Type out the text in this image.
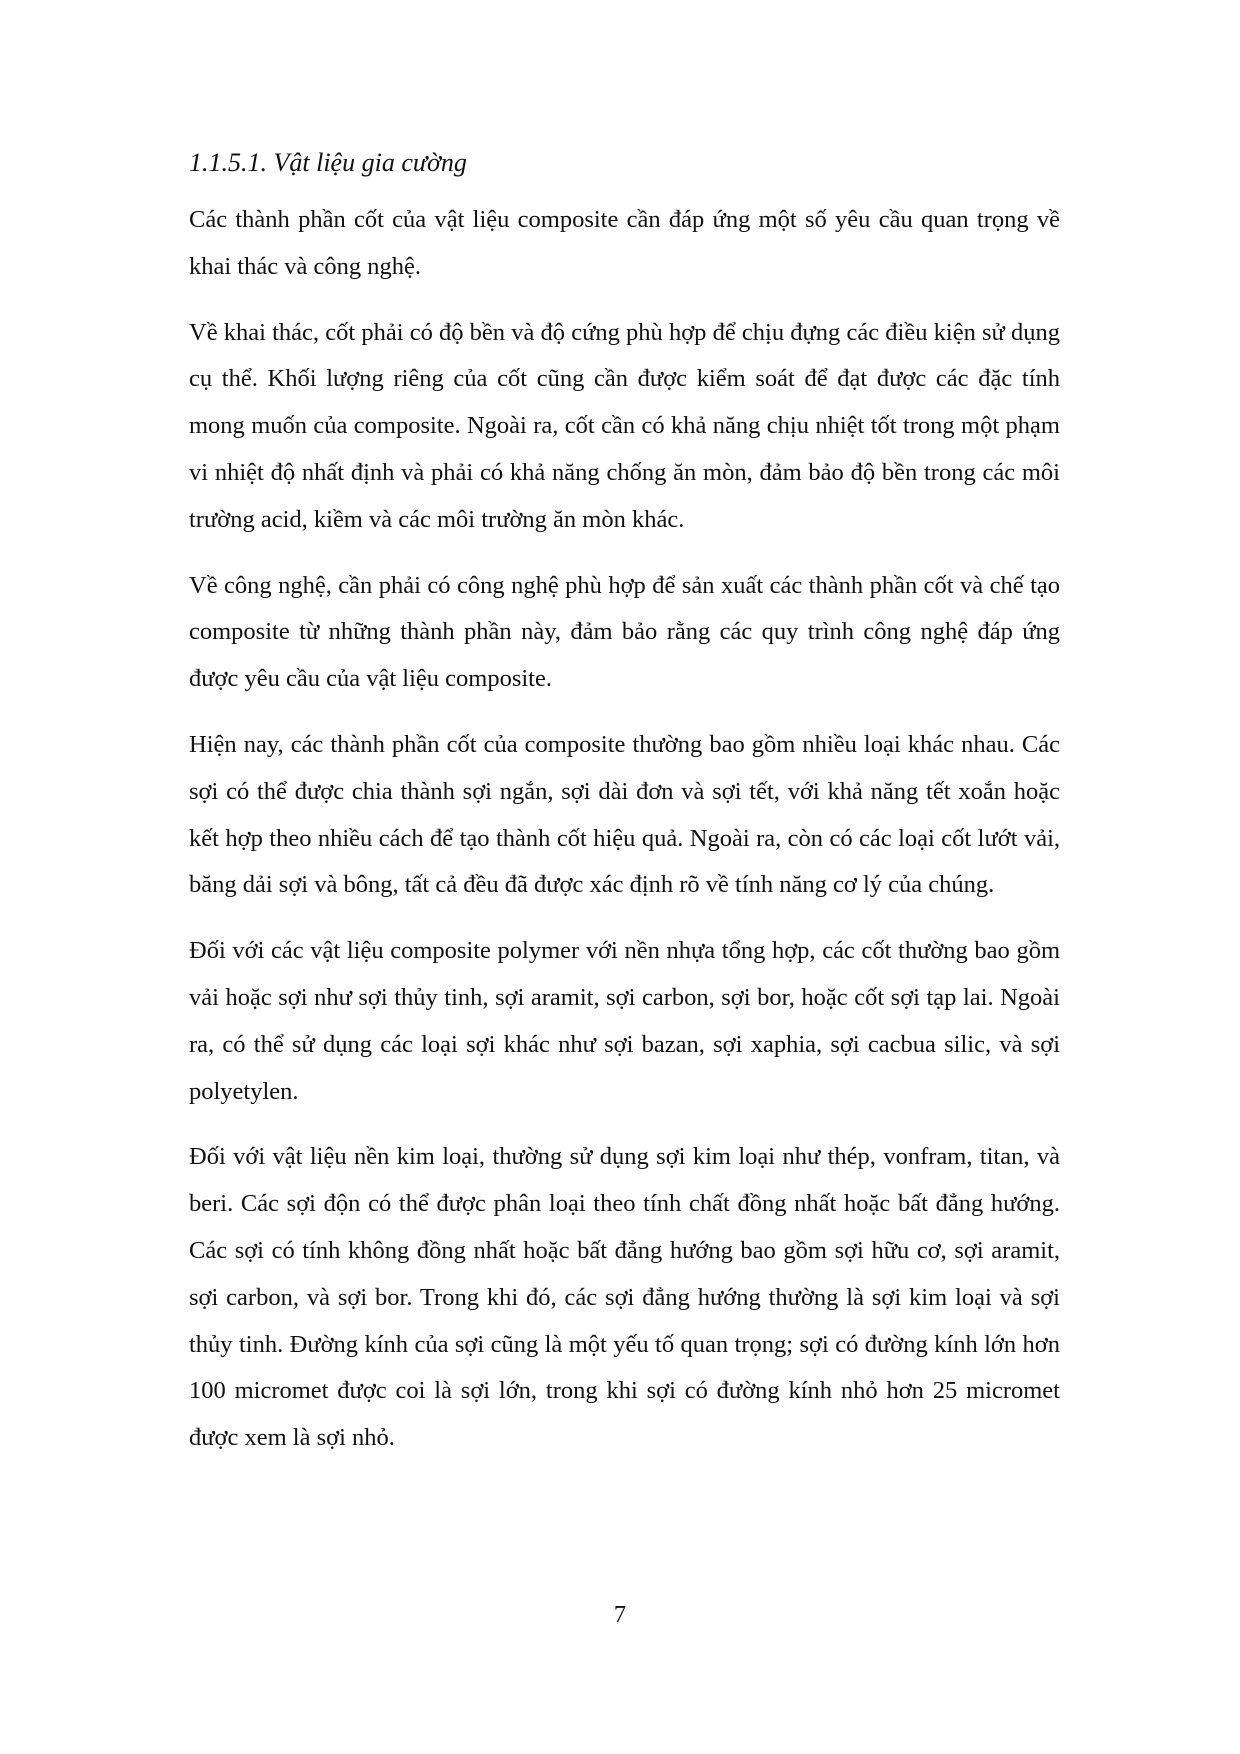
1.1.5.1. Vật liệu gia cường

Các thành phần cốt của vật liệu composite cần đáp ứng một số yêu cầu quan trọng về khai thác và công nghệ.

Về khai thác, cốt phải có độ bền và độ cứng phù hợp để chịu đựng các điều kiện sử dụng cụ thể. Khối lượng riêng của cốt cũng cần được kiểm soát để đạt được các đặc tính mong muốn của composite. Ngoài ra, cốt cần có khả năng chịu nhiệt tốt trong một phạm vi nhiệt độ nhất định và phải có khả năng chống ăn mòn, đảm bảo độ bền trong các môi trường acid, kiềm và các môi trường ăn mòn khác.

Về công nghệ, cần phải có công nghệ phù hợp để sản xuất các thành phần cốt và chế tạo composite từ những thành phần này, đảm bảo rằng các quy trình công nghệ đáp ứng được yêu cầu của vật liệu composite.

Hiện nay, các thành phần cốt của composite thường bao gồm nhiều loại khác nhau. Các sợi có thể được chia thành sợi ngắn, sợi dài đơn và sợi tết, với khả năng tết xoắn hoặc kết hợp theo nhiều cách để tạo thành cốt hiệu quả. Ngoài ra, còn có các loại cốt lướt vải, băng dải sợi và bông, tất cả đều đã được xác định rõ về tính năng cơ lý của chúng.

Đối với các vật liệu composite polymer với nền nhựa tổng hợp, các cốt thường bao gồm vải hoặc sợi như sợi thủy tinh, sợi aramit, sợi carbon, sợi bor, hoặc cốt sợi tạp lai. Ngoài ra, có thể sử dụng các loại sợi khác như sợi bazan, sợi xaphia, sợi cacbua silic, và sợi polyetylen.

Đối với vật liệu nền kim loại, thường sử dụng sợi kim loại như thép, vonfram, titan, và beri. Các sợi độn có thể được phân loại theo tính chất đồng nhất hoặc bất đẳng hướng. Các sợi có tính không đồng nhất hoặc bất đẳng hướng bao gồm sợi hữu cơ, sợi aramit, sợi carbon, và sợi bor. Trong khi đó, các sợi đẳng hướng thường là sợi kim loại và sợi thủy tinh. Đường kính của sợi cũng là một yếu tố quan trọng; sợi có đường kính lớn hơn 100 micromet được coi là sợi lớn, trong khi sợi có đường kính nhỏ hơn 25 micromet được xem là sợi nhỏ.

7
